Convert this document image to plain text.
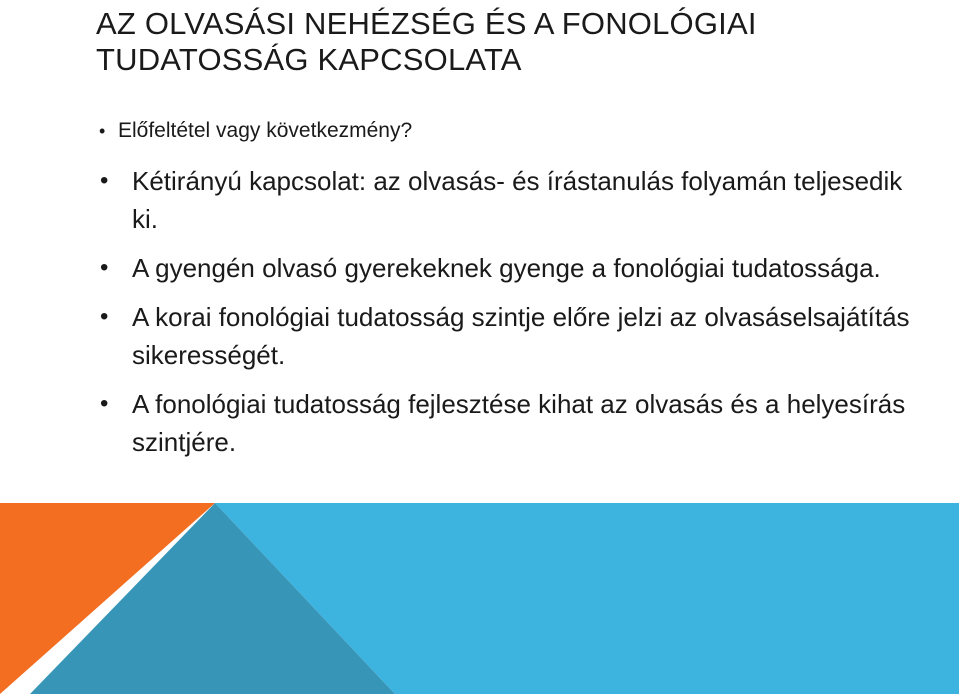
AZ OLVASÁSI NEHÉZSÉG ÉS A FONOLÓGIAI TUDATOSSÁG KAPCSOLATA
• Előfeltétel vagy következmény?
• Kétirányú kapcsolat: az olvasás- és írástanulás folyamán teljesedik ki.
• A gyengén olvasó gyerekeknek gyenge a fonológiai tudatossága.
• A korai fonológiai tudatosság szintje előre jelzi az olvasáselsajátítás sikerességét.
• A fonológiai tudatosság fejlesztése kihat az olvasás és a helyesírás szintjére.
